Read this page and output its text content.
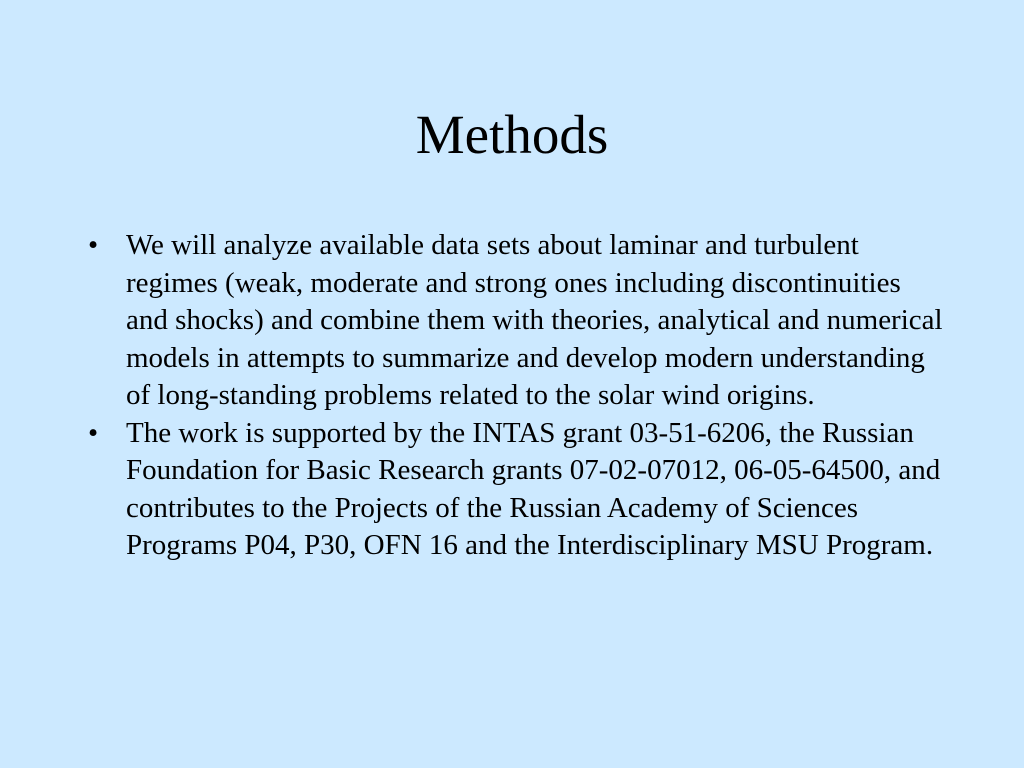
Methods
• We will analyze available data sets about laminar and turbulent regimes (weak, moderate and strong ones including discontinuities and shocks) and combine them with theories, analytical and numerical models in attempts to summarize and develop modern understanding of long-standing problems related to the solar wind origins.
• The work is supported by the INTAS grant 03-51-6206, the Russian Foundation for Basic Research grants 07-02-07012, 06-05-64500, and contributes to the Projects of the Russian Academy of Sciences Programs P04, P30, OFN 16 and the Interdisciplinary MSU Program.
